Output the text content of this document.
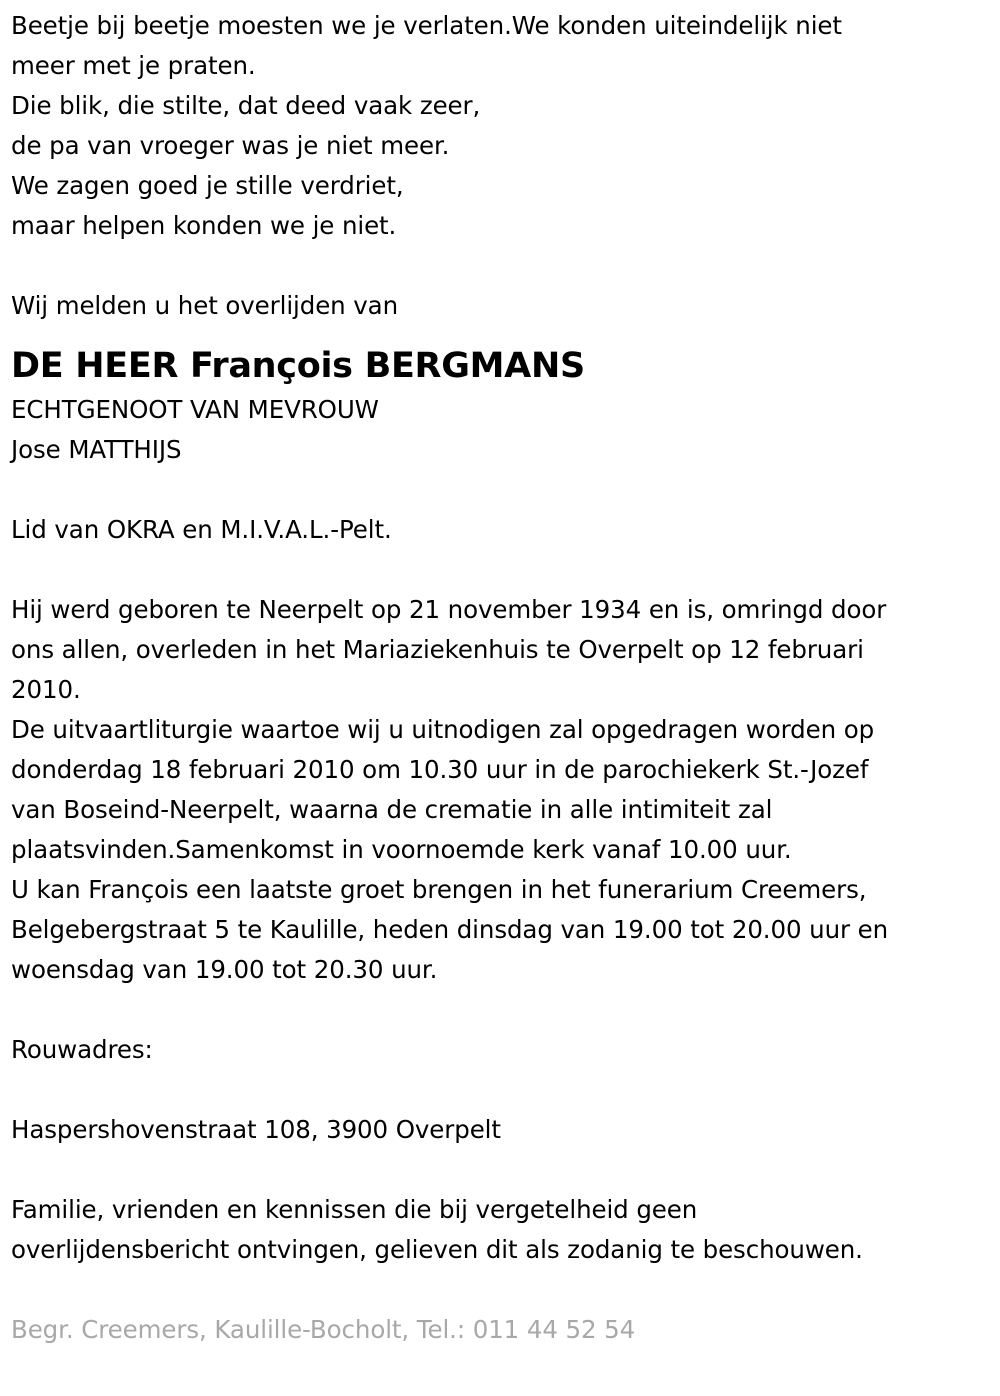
Beetje bij beetje moesten we je verlaten.We konden uiteindelijk niet
meer met je praten.
Die blik, die stilte, dat deed vaak zeer,
de pa van vroeger was je niet meer.
We zagen goed je stille verdriet,
maar helpen konden we je niet.
Wij melden u het overlijden van
DE HEER François BERGMANS
ECHTGENOOT VAN MEVROUW
Jose MATTHIJS
Lid van OKRA en M.I.V.A.L.-Pelt.
Hij werd geboren te Neerpelt op 21 november 1934 en is, omringd door
ons allen, overleden in het Mariaziekenhuis te Overpelt op 12 februari
2010.
De uitvaartliturgie waartoe wij u uitnodigen zal opgedragen worden op
donderdag 18 februari 2010 om 10.30 uur in de parochiekerk St.-Jozef
van Boseind-Neerpelt, waarna de crematie in alle intimiteit zal
plaatsvinden.Samenkomst in voornoemde kerk vanaf 10.00 uur.
U kan François een laatste groet brengen in het funerarium Creemers,
Belgebergstraat 5 te Kaulille, heden dinsdag van 19.00 tot 20.00 uur en
woensdag van 19.00 tot 20.30 uur.
Rouwadres:
Haspershovenstraat 108, 3900 Overpelt
Familie, vrienden en kennissen die bij vergetelheid geen
overlijdensbericht ontvingen, gelieven dit als zodanig te beschouwen.
Begr. Creemers, Kaulille-Bocholt, Tel.: 011 44 52 54
